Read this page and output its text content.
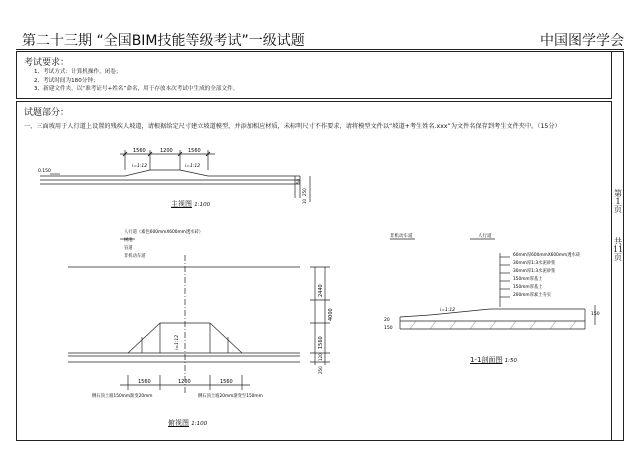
第二十三期 “全国BIM技能等级考试”一级试题	中国图学学会
考试要求：
1、考试方式：计算机操作，闭卷；
2、考试时间为180分钟；
3、新建文件夹，以“准考证号+姓名”命名，用于存放本次考试中生成的全部文件。
试题部分：
一、三面坡用于人行道上设置的残疾人坡道，请根据给定尺寸建立坡道模型，并添加相应材质，未标明尺寸不作要求，请将模型文件以“坡道+考生姓名.xxx”为文件名保存到考生文件夹中。（15分）
第
1
页
共
11
页
1560	1200	1560
i=1:12	i=1:12
0.150
50
250
10
主视图 1:100
人行道（素色600mmX600mm透水砖）
树池
盲道
非机动车道
i=1:12
2440
4000
1560
120
250
1560	1200	1560
侧石顶土坡150mm渐变20mm	侧石顶土坡20mm渐变至150mm
俯视图 1:100
非机动车道	人行道
60mm厚600mmX600mm透水砖
30mm厚1:3水泥砂浆
30mm厚1:3水泥砂浆
150mm厚基土
150mm厚基土
200mm厚素土夯实
i=1:12
20
150
150
1-1剖面图 1:50
